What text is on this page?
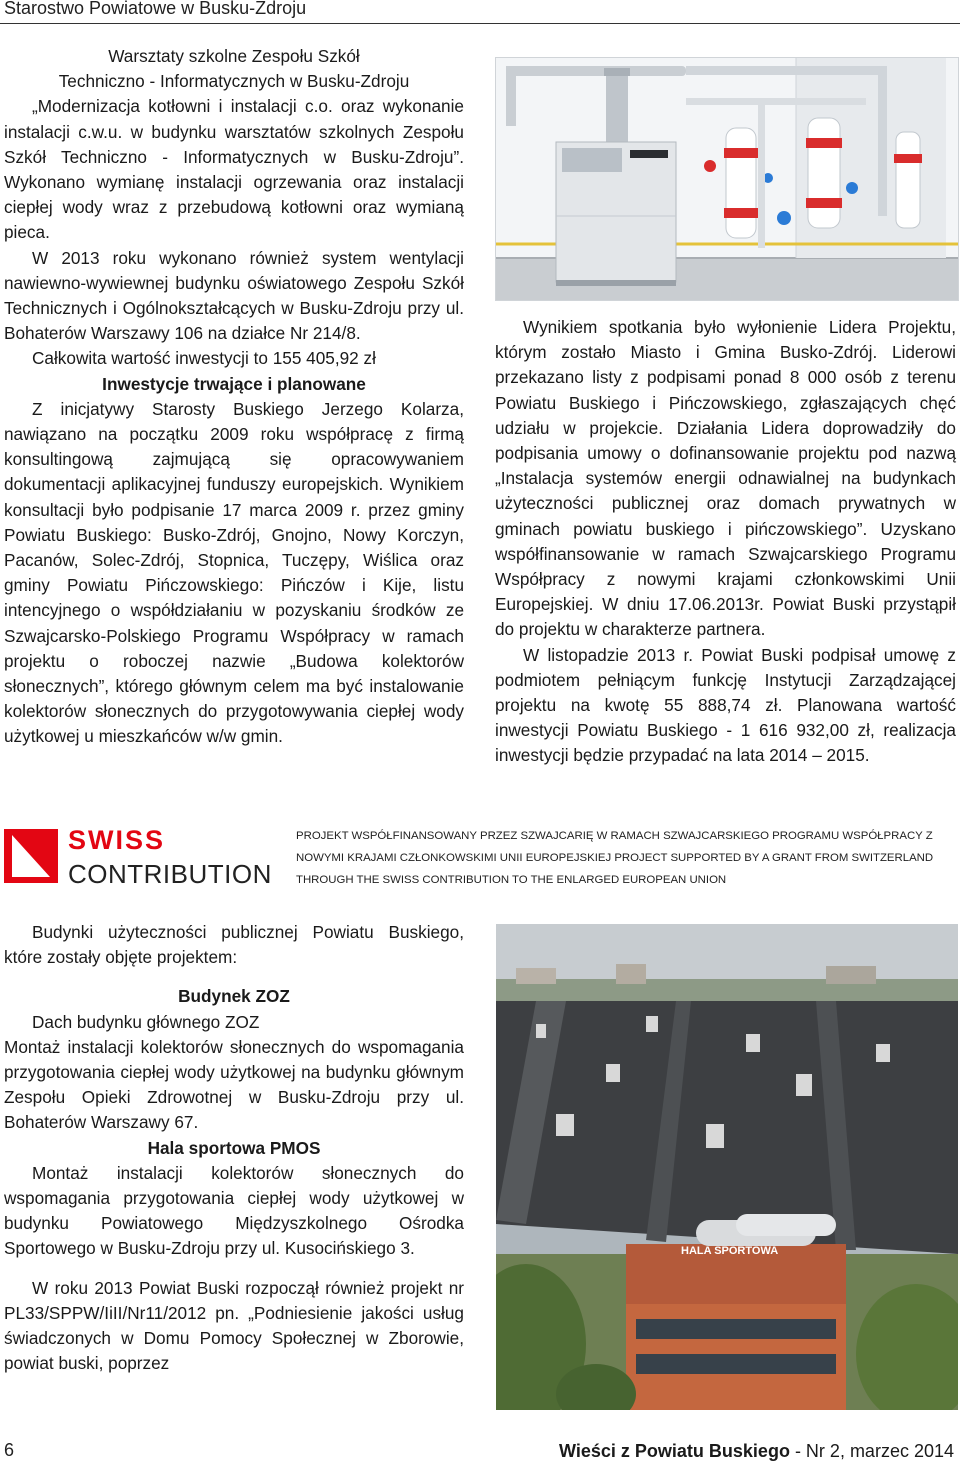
Starostwo Powiatowe w Busku-Zdroju

Warsztaty szkolne Zespołu Szkół

Techniczno - Informatycznych w Busku-Zdroju

„Modernizacja kotłowni i instalacji c.o. oraz wykonanie instalacji c.w.u. w budynku warsztatów szkolnych Zespołu Szkół Techniczno - Informatycznych w Busku-Zdroju”. Wykonano wymianę instalacji ogrzewania oraz instalacji ciepłej wody wraz z przebudową kotłowni oraz wymianą pieca.

W 2013 roku wykonano również system wentylacji nawiewno-wywiewnej budynku oświatowego Zespołu Szkół Technicznych i Ogólnokształcących w Busku-Zdroju przy ul. Bohaterów Warszawy 106 na działce Nr 214/8.

Całkowita wartość inwestycji to 155 405,92 zł

Inwestycje trwające i planowane

Z inicjatywy Starosty Buskiego Jerzego Kolarza, nawiązano na początku 2009 roku współpracę z firmą konsultingową zajmującą się opracowywaniem dokumentacji aplikacyjnej funduszy europejskich. Wynikiem konsultacji było podpisanie 17 marca 2009 r. przez gminy Powiatu Buskiego: Busko-Zdrój, Gnojno, Nowy Korczyn, Pacanów, Solec-Zdrój, Stopnica, Tuczępy, Wiślica oraz gminy Powiatu Pińczowskiego: Pińczów i Kije, listu intencyjnego o współdziałaniu w pozyskaniu środków ze Szwajcarsko-Polskiego Programu Współpracy w ramach projektu o roboczej nazwie „Budowa kolektorów słonecznych”, którego głównym celem ma być instalowanie kolektorów słonecznych do przygotowywania ciepłej wody użytkowej u mieszkańców w/w gmin.

Wynikiem spotkania było wyłonienie Lidera Projektu, którym zostało Miasto i Gmina Busko-Zdrój. Liderowi przekazano listy z podpisami ponad 8 000 osób z terenu Powiatu Buskiego i Pińczowskiego, zgłaszających chęć udziału w projekcie. Działania Lidera doprowadziły do podpisania umowy o dofinansowanie projektu pod nazwą „Instalacja systemów energii odnawialnej na budynkach użyteczności publicznej oraz domach prywatnych w gminach powiatu buskiego i pińczowskiego”. Uzyskano współfinansowanie w ramach Szwajcarskiego Programu Współpracy z nowymi krajami członkowskimi Unii Europejskiej. W dniu 17.06.2013r. Powiat Buski przystąpił do projektu w charakterze partnera.

W listopadzie 2013 r. Powiat Buski podpisał umowę z podmiotem pełniącym funkcję Instytucji Zarządzającej projektu na kwotę 55 888,74 zł. Planowana wartość inwestycji Powiatu Buskiego - 1 616 932,00 zł, realizacja inwestycji będzie przypadać na lata 2014 – 2015.

SWISS
CONTRIBUTION
PROJEKT WSPÓŁFINANSOWANY PRZEZ SZWAJCARIĘ W RAMACH SZWAJCARSKIEGO PROGRAMU WSPÓŁPRACY Z NOWYMI KRAJAMI CZŁONKOWSKIMI UNII EUROPEJSKIEJ PROJECT SUPPORTED BY A GRANT FROM SWITZERLAND THROUGH THE SWISS CONTRIBUTION TO THE ENLARGED EUROPEAN UNION

Budynki użyteczności publicznej Powiatu Buskiego, które zostały objęte projektem:

Budynek ZOZ

Dach budynku głównego ZOZ

Montaż instalacji kolektorów słonecznych do wspomagania przygotowania ciepłej wody użytkowej na budynku głównym Zespołu Opieki Zdrowotnej w Busku-Zdroju przy ul. Bohaterów Warszawy 67.

Hala sportowa PMOS

Montaż instalacji kolektorów słonecznych do wspomagania przygotowania ciepłej wody użytkowej w budynku Powiatowego Międzyszkolnego Ośrodka Sportowego w Busku-Zdroju przy ul. Kusocińskiego 3.

W roku 2013 Powiat Buski rozpoczął również projekt nr PL33/SPPW/IiII/Nr11/2012 pn. „Podniesienie jakości usług świadczonych w Domu Pomocy Społecznej w Zborowie, powiat buski, poprzez

HALA SPORTOWA
6	Wieści z Powiatu Buskiego - Nr 2, marzec 2014
